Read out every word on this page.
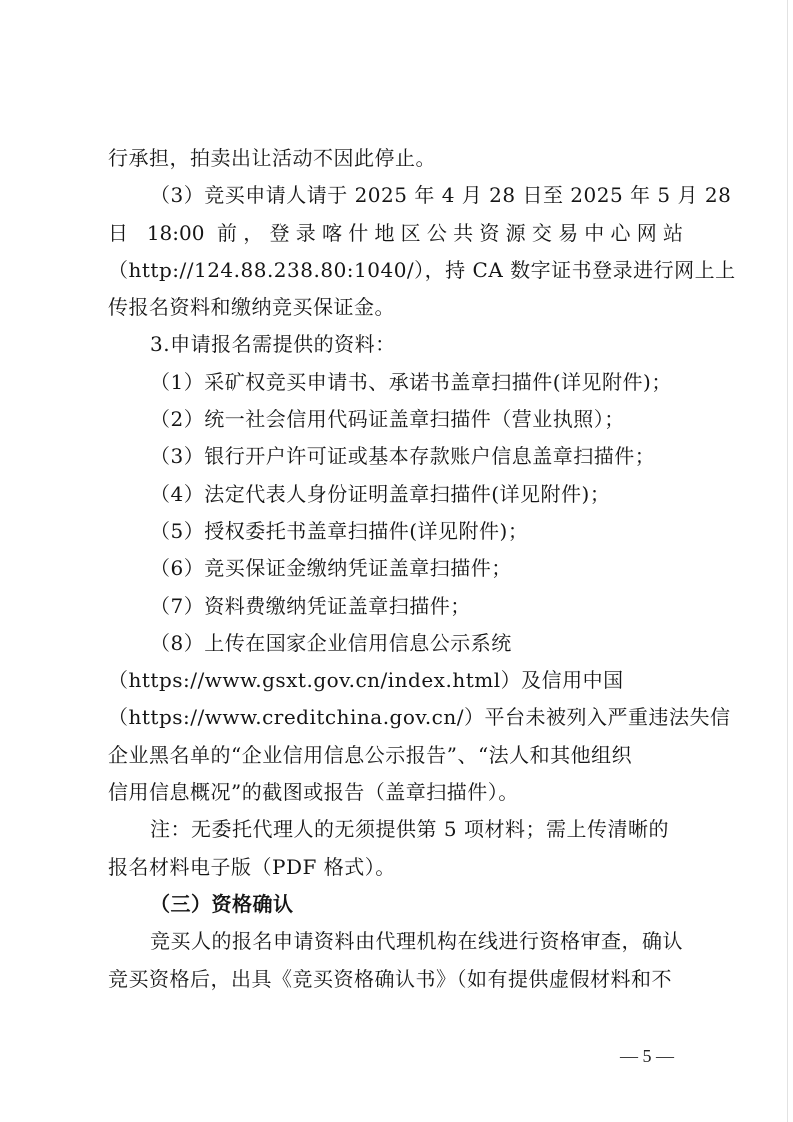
行承担，拍卖出让活动不因此停止。
（3）竞买申请人请于 2025 年 4 月 28 日至 2025 年 5 月 28
日 18:00 前，登录喀什地区公共资源交易中心网站
（http://124.88.238.80:1040/），持 CA 数字证书登录进行网上上
传报名资料和缴纳竞买保证金。
3.申请报名需提供的资料：
（1）采矿权竞买申请书、承诺书盖章扫描件(详见附件)；
（2）统一社会信用代码证盖章扫描件（营业执照）；
（3）银行开户许可证或基本存款账户信息盖章扫描件；
（4）法定代表人身份证明盖章扫描件(详见附件)；
（5）授权委托书盖章扫描件(详见附件)；
（6）竞买保证金缴纳凭证盖章扫描件；
（7）资料费缴纳凭证盖章扫描件；
（8）上传在国家企业信用信息公示系统
（https://www.gsxt.gov.cn/index.html）及信用中国
（https://www.creditchina.gov.cn/）平台未被列入严重违法失信
企业黑名单的“企业信用信息公示报告”、“法人和其他组织
信用信息概况”的截图或报告（盖章扫描件）。
注：无委托代理人的无须提供第 5 项材料；需上传清晰的
报名材料电子版（PDF 格式）。
（三）资格确认
竞买人的报名申请资料由代理机构在线进行资格审查，确认
竞买资格后，出具《竞买资格确认书》（如有提供虚假材料和不
— 5 —
